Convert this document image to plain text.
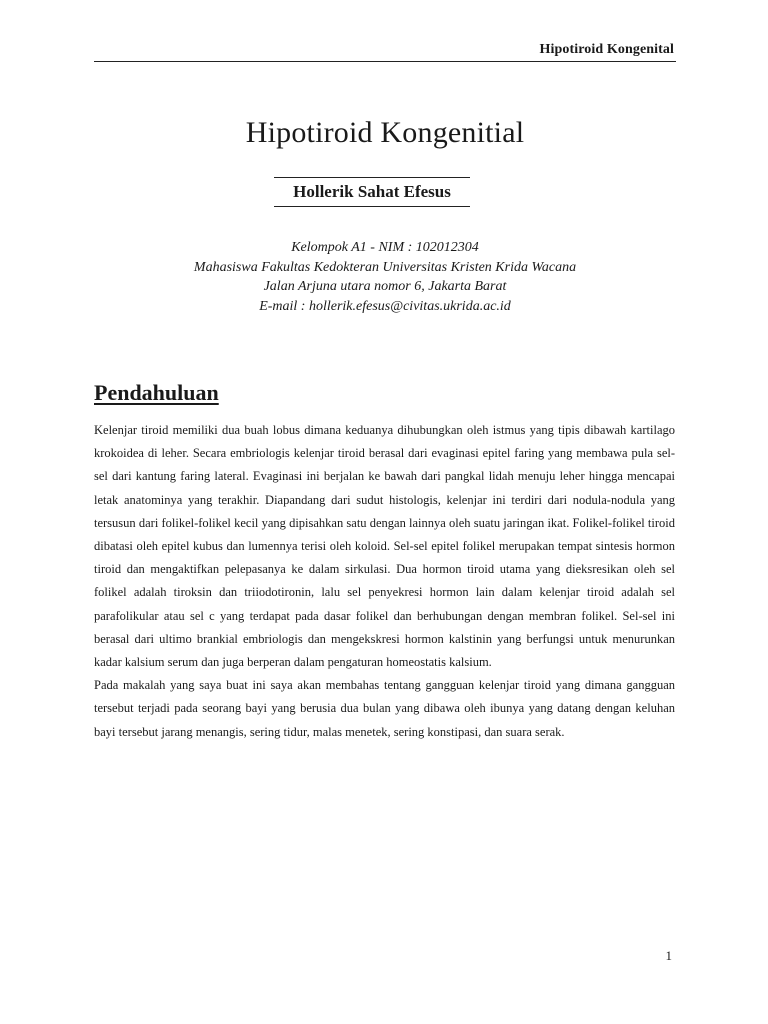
Hipotiroid Kongenital
Hipotiroid Kongenitial
Hollerik Sahat Efesus
Kelompok A1 - NIM : 102012304
Mahasiswa Fakultas Kedokteran Universitas Kristen Krida Wacana
Jalan Arjuna utara nomor 6, Jakarta Barat
E-mail : hollerik.efesus@civitas.ukrida.ac.id
Pendahuluan

Kelenjar tiroid memiliki dua buah lobus dimana keduanya dihubungkan oleh istmus yang tipis dibawah kartilago krokoidea di leher. Secara embriologis kelenjar tiroid berasal dari evaginasi epitel faring yang membawa pula sel-sel dari kantung faring lateral. Evaginasi ini berjalan ke bawah dari pangkal lidah menuju leher hingga mencapai letak anatominya yang terakhir. Diapandang dari sudut histologis, kelenjar ini terdiri dari nodula-nodula yang tersusun dari folikel-folikel kecil yang dipisahkan satu dengan lainnya oleh suatu jaringan ikat. Folikel-folikel tiroid dibatasi oleh epitel kubus dan lumennya terisi oleh koloid. Sel-sel epitel folikel merupakan tempat sintesis hormon tiroid dan mengaktifkan pelepasanya ke dalam sirkulasi. Dua hormon tiroid utama yang dieksresikan oleh sel folikel adalah tiroksin dan triiodotironin, lalu sel penyekresi hormon lain dalam kelenjar tiroid adalah sel parafolikular atau sel c yang terdapat pada dasar folikel dan berhubungan dengan membran folikel. Sel-sel ini berasal dari ultimo brankial embriologis dan mengekskresi hormon kalstinin yang berfungsi untuk menurunkan kadar kalsium serum dan juga berperan dalam pengaturan homeostatis kalsium.

Pada makalah yang saya buat ini saya akan membahas tentang gangguan kelenjar tiroid yang dimana gangguan tersebut terjadi pada seorang bayi yang berusia dua bulan yang dibawa oleh ibunya yang datang dengan keluhan bayi tersebut jarang menangis, sering tidur, malas menetek, sering konstipasi, dan suara serak.

1
